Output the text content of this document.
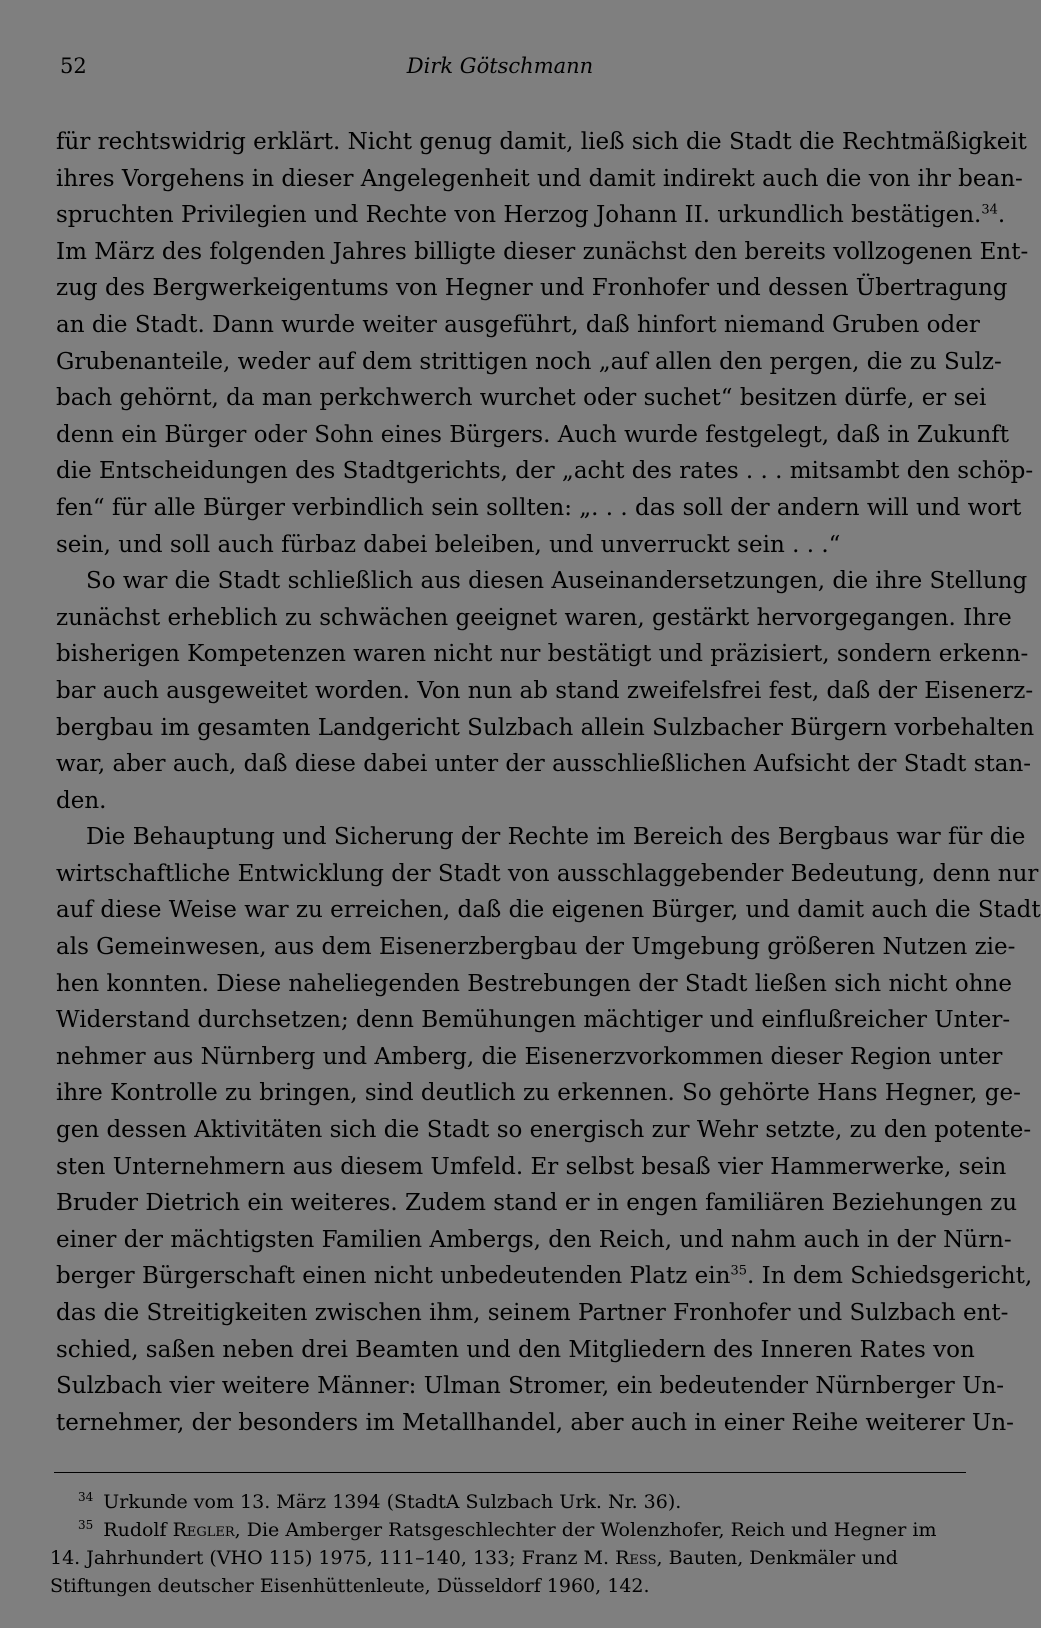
52	Dirk Götschmann
für rechtswidrig erklärt. Nicht genug damit, ließ sich die Stadt die Rechtmäßigkeit
ihres Vorgehens in dieser Angelegenheit und damit indirekt auch die von ihr bean-
spruchten Privilegien und Rechte von Herzog Johann II. urkundlich bestätigen.$^{34}$.
Im März des folgenden Jahres billigte dieser zunächst den bereits vollzogenen Ent-
zug des Bergwerkeigentums von Hegner und Fronhofer und dessen Übertragung
an die Stadt. Dann wurde weiter ausgeführt, daß hinfort niemand Gruben oder
Grubenanteile, weder auf dem strittigen noch „auf allen den pergen, die zu Sulz-
bach gehörnt, da man perkchwerch wurchet oder suchet“ besitzen dürfe, er sei
denn ein Bürger oder Sohn eines Bürgers. Auch wurde festgelegt, daß in Zukunft
die Entscheidungen des Stadtgerichts, der „acht des rates . . . mitsambt den schöp-
fen“ für alle Bürger verbindlich sein sollten: „. . . das soll der andern will und wort
sein, und soll auch fürbaz dabei beleiben, und unverruckt sein . . .“
So war die Stadt schließlich aus diesen Auseinandersetzungen, die ihre Stellung
zunächst erheblich zu schwächen geeignet waren, gestärkt hervorgegangen. Ihre
bisherigen Kompetenzen waren nicht nur bestätigt und präzisiert, sondern erkenn-
bar auch ausgeweitet worden. Von nun ab stand zweifelsfrei fest, daß der Eisenerz-
bergbau im gesamten Landgericht Sulzbach allein Sulzbacher Bürgern vorbehalten
war, aber auch, daß diese dabei unter der ausschließlichen Aufsicht der Stadt stan-
den.
Die Behauptung und Sicherung der Rechte im Bereich des Bergbaus war für die
wirtschaftliche Entwicklung der Stadt von ausschlaggebender Bedeutung, denn nur
auf diese Weise war zu erreichen, daß die eigenen Bürger, und damit auch die Stadt
als Gemeinwesen, aus dem Eisenerzbergbau der Umgebung größeren Nutzen zie-
hen konnten. Diese naheliegenden Bestrebungen der Stadt ließen sich nicht ohne
Widerstand durchsetzen; denn Bemühungen mächtiger und einflußreicher Unter-
nehmer aus Nürnberg und Amberg, die Eisenerzvorkommen dieser Region unter
ihre Kontrolle zu bringen, sind deutlich zu erkennen. So gehörte Hans Hegner, ge-
gen dessen Aktivitäten sich die Stadt so energisch zur Wehr setzte, zu den potente-
sten Unternehmern aus diesem Umfeld. Er selbst besaß vier Hammerwerke, sein
Bruder Dietrich ein weiteres. Zudem stand er in engen familiären Beziehungen zu
einer der mächtigsten Familien Ambergs, den Reich, und nahm auch in der Nürn-
berger Bürgerschaft einen nicht unbedeutenden Platz ein$^{35}$. In dem Schiedsgericht,
das die Streitigkeiten zwischen ihm, seinem Partner Fronhofer und Sulzbach ent-
schied, saßen neben drei Beamten und den Mitgliedern des Inneren Rates von
Sulzbach vier weitere Männer: Ulman Stromer, ein bedeutender Nürnberger Un-
ternehmer, der besonders im Metallhandel, aber auch in einer Reihe weiterer Un-
$^{34}$ Urkunde vom 13. März 1394 (StadtA Sulzbach Urk. Nr. 36).
$^{35}$ Rudolf Regler, Die Amberger Ratsgeschlechter der Wolenzhofer, Reich und Hegner im
14. Jahrhundert (VHO 115) 1975, 111–140, 133; Franz M. Ress, Bauten, Denkmäler und
Stiftungen deutscher Eisenhüttenleute, Düsseldorf 1960, 142.
